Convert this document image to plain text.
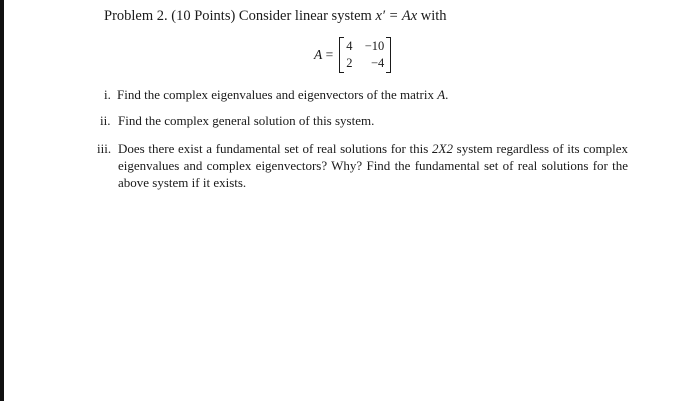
Problem 2. (10 Points) Consider linear system x′ = Ax with
A =
4 −10
2	−4
i. Find the complex eigenvalues and eigenvectors of the matrix A.
ii. Find the complex general solution of this system.
iii. Does there exist a fundamental set of real solutions for this 2X2 system regardless of its complex eigenvalues and complex eigenvectors? Why? Find the fundamental set of real solutions for the above system if it exists.
